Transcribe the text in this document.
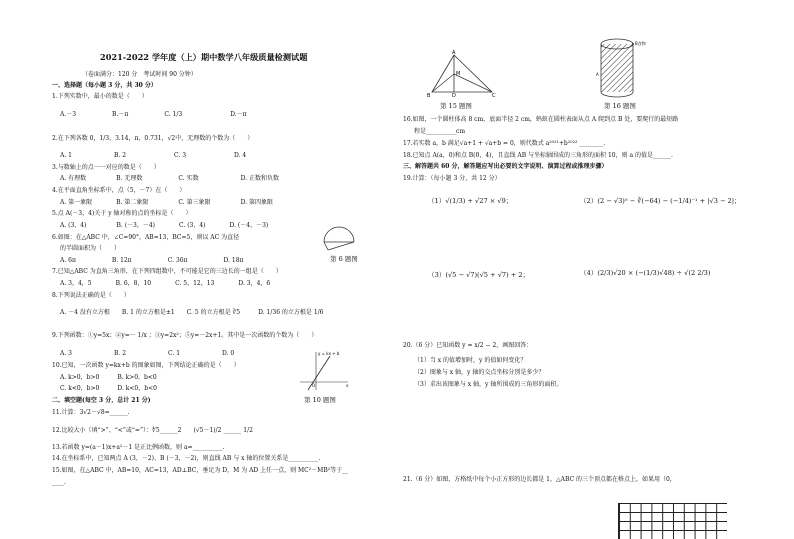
2021-2022 学年度（上）期中数学八年级质量检测试题
（卷面满分：120 分　考试时间 90 分钟）
一、选择题（每小题 3 分，共 30 分）
1.下列实数中，最小的数是（　　）
A.－3　　　　　　B.－π　　　　　　C. 1/3　　　　　　　　D.－π
2.在下列各数 0，1/3，3.14，π，0.731，√2中，无理数的个数为（　　）
A. 1　　　　　　　B. 2　　　　　　　　C. 3　　　　　　　　D. 4
3.与数轴上的点一一对应的数是（　　）
A. 有理数　　　　　B. 无理数　　　　　　C. 实数　　　　　　　D. 正数和负数
4.在平面直角坐标系中，点（5，－7）在（　　）
A. 第一象限　　　　B. 第二象限　　　　　C. 第三象限　　　　　D. 第四象限
5.点 A(－3，4)关于 y 轴对称的点的坐标是（　　）
A. (3，4)　　　　　B. (－3，－4)　　　　C. (3，4)　　　　D. (－4，－3)
6.如图：在△ABC 中，∠C=90°，AB=13，BC=5，则以 AC 为直径
的半圆面积为（　　）
A. 6π　　　　　　B. 12π　　　　　　C. 36π　　　　　　D. 18π
7.已知△ABC 为直角三角形，在下列四组数中，不可能是它的三边长的一组是（　　）
A. 3，4，5　　　　B. 6，8，10　　　　C. 5，12，13　　　　D. 3，4，6
8.下列说法正确的是（　　）
A. －4 没有立方根　　B. 1 的立方根是±1　　C. 5 的立方根是 ∛5　　　D. 1/36 的立方根是 1/6
9.下列函数：①y=5x；②y=－ 1/x ；③y=2x²；⑤y=－2x+1。其中是一次函数的个数为（　　）
A. 3　　　　　　　B. 2　　　　　　　C. 1　　　　　　　D. 0
10.已知，一次函数 y=kx+b 的图象如图，下列结论正确的是（　　）
A. k>0，b>0　　　B. k>0，b<0
C. k<0，b>0　　　D. k<0，b<0
二、填空题(每空 3 分，总计 21 分)
11.计算：3√2－√8=______.
12.比较大小（填“>”、“<”或“=”）：∜5______2　　(√5－1)/2 ______ 1/2
13.若函数 y=(a－1)x+a²－1 是正比例函数，则 a=__________.
14.在坐标系中，已知两点 A (3，－2)、B (－3，－2)，则直线 AB 与 x 轴的位置关系是__________.
15.如图，在△ABC 中，AB=10，AC=13，AD⊥BC，垂足为 D，M 为 AD 上任一点，则 MC²－MB²等于__
____.
第 6 题图
y = kx + b
O	x
第 10 题图
A
M
B	D	C
第 15 题图
B食物
A
第 16 题图
16.如图，一个圆柱体高 8 cm，底面半径 2 cm，蚂蚁在圆柱表面从点 A 爬到点 B 处，要爬行的最短路
程是__________cm
17.若实数 a，b 满足√a+1 + √a+b = 0，则代数式 a²⁰²¹+b²⁰²² ________.
18.已知点 A(a，0)和点 B(0，4)，且直线 AB 与坐标轴围成的三角形的面积 10，则 a 的值是______.
三、解答题共 60 分，解答题应写出必要的文字说明、演算过程或推理步骤）
19.计算：（每小题 3 分，共 12 分）
（1）√(1/3) + √27 × √9；	（2）(2 − √3)⁰ − ∛(−64) − (−1/4)⁻¹ + |√3 − 2|；
（3）(√5 − √7)(√5 + √7) + 2；	（4）(2/3)√20 × (−(1/3)√48) ÷ √(2 2/3)
20.（6 分）已知函数 y = x/2 − 2，画图回答：
（1）当 x 的值增加时，y 的值如何变化？
（2）图象与 x 轴，y 轴的交点坐标分别是多少？
（3）求出该图象与 x 轴，y 轴所围成的三角形的面积。
21.（6 分）如图，方格纸中每个小正方形的边长都是 1，△ABC 的三个顶点都在格点上，如果用（0，
